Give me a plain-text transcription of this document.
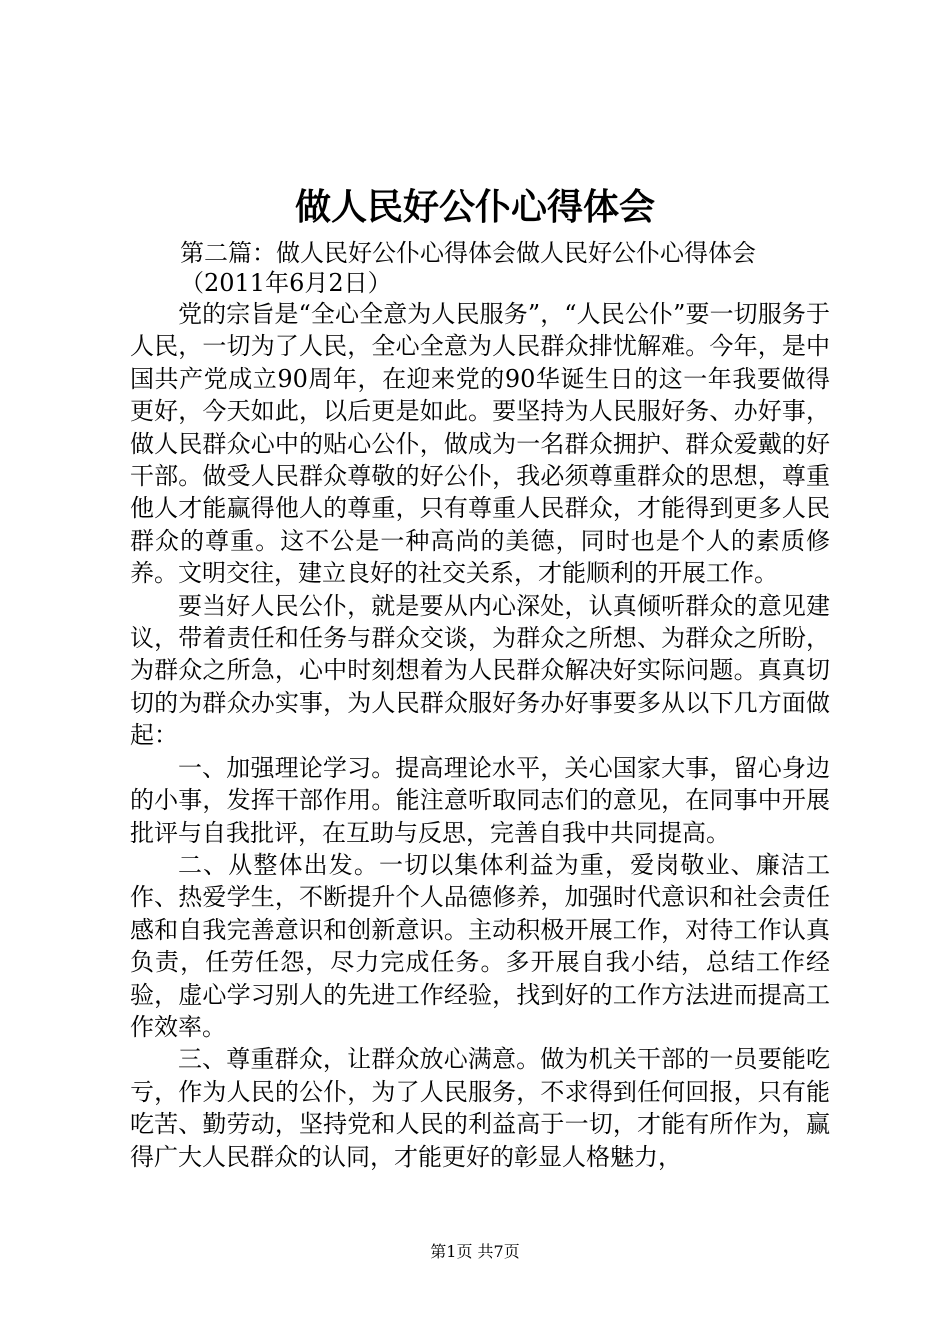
做人民好公仆心得体会
第二篇：做人民好公仆心得体会做人民好公仆心得体会
（2011年6月2日）

党的宗旨是“全心全意为人民服务”，“人民公仆”要一切服务于人民，一切为了人民，全心全意为人民群众排忧解难。今年，是中国共产党成立90周年，在迎来党的90华诞生日的这一年我要做得更好，今天如此，以后更是如此。要坚持为人民服好务、办好事，做人民群众心中的贴心公仆，做成为一名群众拥护、群众爱戴的好干部。做受人民群众尊敬的好公仆，我必须尊重群众的思想，尊重他人才能赢得他人的尊重，只有尊重人民群众，才能得到更多人民群众的尊重。这不公是一种高尚的美德，同时也是个人的素质修养。文明交往，建立良好的社交关系，才能顺利的开展工作。

要当好人民公仆，就是要从内心深处，认真倾听群众的意见建议，带着责任和任务与群众交谈，为群众之所想、为群众之所盼，为群众之所急，心中时刻想着为人民群众解决好实际问题。真真切切的为群众办实事，为人民群众服好务办好事要多从以下几方面做起：

一、加强理论学习。提高理论水平，关心国家大事，留心身边的小事，发挥干部作用。能注意听取同志们的意见，在同事中开展批评与自我批评，在互助与反思，完善自我中共同提高。

二、从整体出发。一切以集体利益为重，爱岗敬业、廉洁工作、热爱学生，不断提升个人品德修养，加强时代意识和社会责任感和自我完善意识和创新意识。主动积极开展工作，对待工作认真负责，任劳任怨，尽力完成任务。多开展自我小结，总结工作经验，虚心学习别人的先进工作经验，找到好的工作方法进而提高工作效率。

三、尊重群众，让群众放心满意。做为机关干部的一员要能吃亏，作为人民的公仆，为了人民服务，不求得到任何回报，只有能吃苦、勤劳动，坚持党和人民的利益高于一切，才能有所作为，赢得广大人民群众的认同，才能更好的彰显人格魅力，

第1页 共7页
